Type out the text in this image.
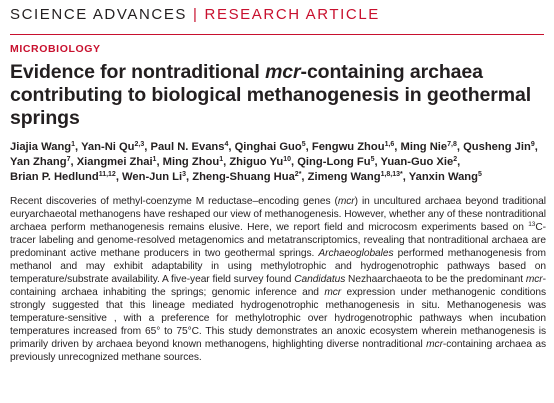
SCIENCE ADVANCES | RESEARCH ARTICLE
MICROBIOLOGY
Evidence for nontraditional mcr-containing archaea contributing to biological methanogenesis in geothermal springs
Jiajia Wang$^1$, Yan-Ni Qu$^{2,3}$, Paul N. Evans$^4$, Qinghai Guo$^5$, Fengwu Zhou$^{1,6}$, Ming Nie$^{7,8}$, Qusheng Jin$^9$, Yan Zhang$^7$, Xiangmei Zhai$^1$, Ming Zhou$^1$, Zhiguo Yu$^{10}$, Qing-Long Fu$^5$, Yuan-Guo Xie$^2$, Brian P. Hedlund$^{11,12}$, Wen-Jun Li$^3$, Zheng-Shuang Hua$^{2*}$, Zimeng Wang$^{1,8,13*}$, Yanxin Wang$^5$

Recent discoveries of methyl-coenzyme M reductase–encoding genes (mcr) in uncultured archaea beyond traditional euryarchaeotal methanogens have reshaped our view of methanogenesis. However, whether any of these nontraditional archaea perform methanogenesis remains elusive. Here, we report field and microcosm experiments based on $^{13}$C-tracer labeling and genome-resolved metagenomics and metatranscriptomics, revealing that nontraditional archaea are predominant active methane producers in two geothermal springs. Archaeoglobales performed methanogenesis from methanol and may exhibit adaptability in using methylotrophic and hydrogenotrophic pathways based on temperature/substrate availability. A five-year field survey found Candidatus Nezhaarchaeota to be the predominant mcr-containing archaea inhabiting the springs; genomic inference and mcr expression under methanogenic conditions strongly suggested that this lineage mediated hydrogenotrophic methanogenesis in situ. Methanogenesis was temperature-sensitive , with a preference for methylotrophic over hydrogenotrophic pathways when incubation temperatures increased from 65° to 75°C. This study demonstrates an anoxic ecosystem wherein methanogenesis is primarily driven by archaea beyond known methanogens, highlighting diverse nontraditional mcr-containing archaea as previously unrecognized methane sources.
